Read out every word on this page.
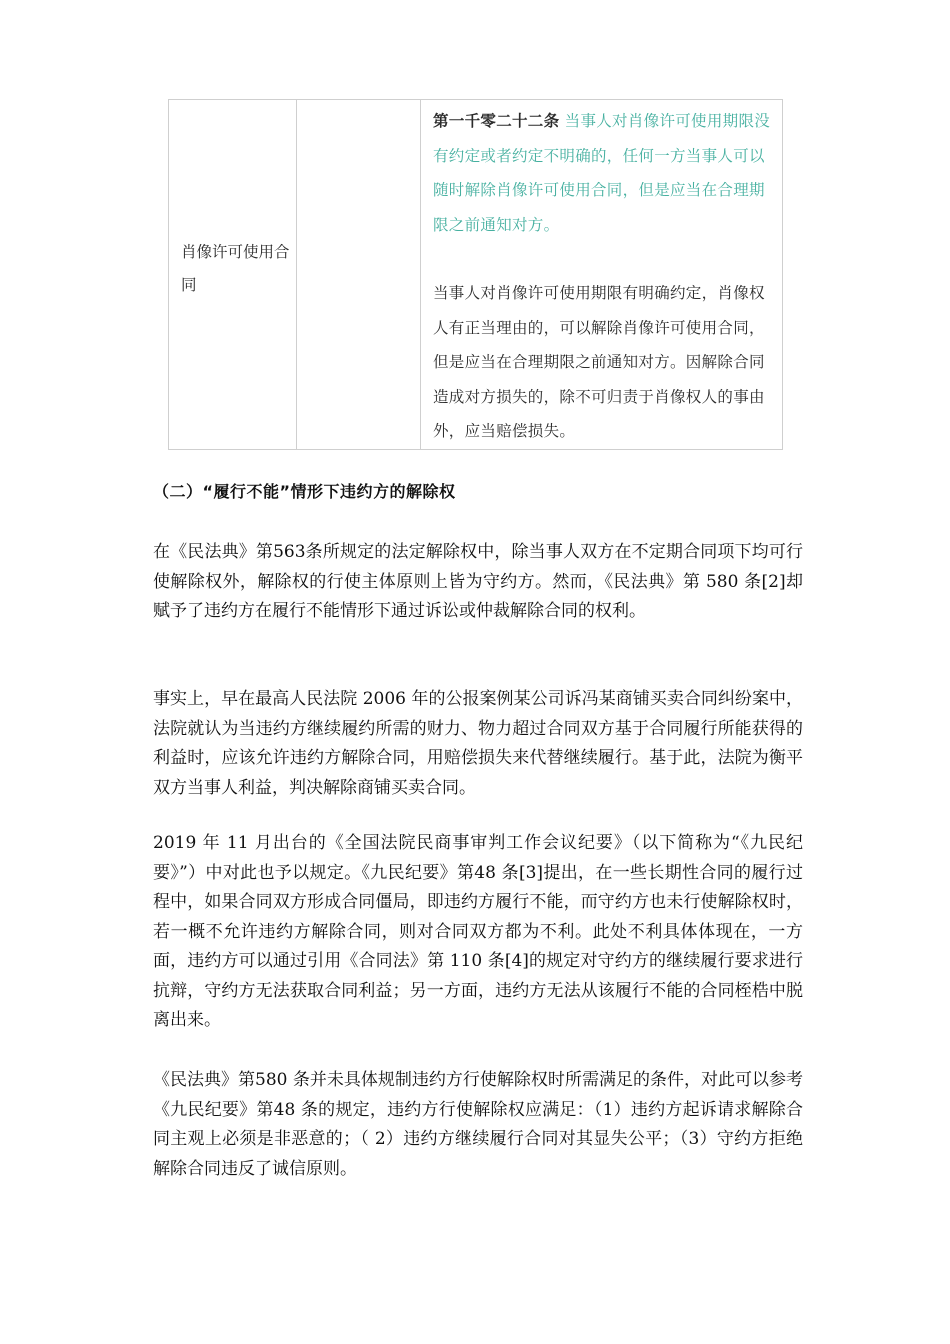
肖像许可使用合同

第一千零二十二条 当事人对肖像许可使用期限没有约定或者约定不明确的，任何一方当事人可以随时解除肖像许可使用合同，但是应当在合理期限之前通知对方。
当事人对肖像许可使用期限有明确约定，肖像权人有正当理由的，可以解除肖像许可使用合同，但是应当在合理期限之前通知对方。因解除合同造成对方损失的，除不可归责于肖像权人的事由外，应当赔偿损失。
（二）“履行不能”情形下违约方的解除权
在《民法典》第563条所规定的法定解除权中，除当事人双方在不定期合同项下均可行使解除权外，解除权的行使主体原则上皆为守约方。然而，《民法典》第 580 条[2]却赋予了违约方在履行不能情形下通过诉讼或仲裁解除合同的权利。
事实上，早在最高人民法院 2006 年的公报案例某公司诉冯某商铺买卖合同纠纷案中，法院就认为当违约方继续履约所需的财力、物力超过合同双方基于合同履行所能获得的利益时，应该允许违约方解除合同，用赔偿损失来代替继续履行。基于此，法院为衡平双方当事人利益，判决解除商铺买卖合同。
2019 年 11 月出台的《全国法院民商事审判工作会议纪要》（以下简称为“《九民纪要》”）中对此也予以规定。《九民纪要》第48 条[3]提出，在一些长期性合同的履行过程中，如果合同双方形成合同僵局，即违约方履行不能，而守约方也未行使解除权时，若一概不允许违约方解除合同，则对合同双方都为不利。此处不利具体体现在，一方面，违约方可以通过引用《合同法》第 110 条[4]的规定对守约方的继续履行要求进行抗辩，守约方无法获取合同利益；另一方面，违约方无法从该履行不能的合同桎梏中脱离出来。
《民法典》第580 条并未具体规制违约方行使解除权时所需满足的条件，对此可以参考《九民纪要》第48 条的规定，违约方行使解除权应满足：（1）违约方起诉请求解除合同主观上必须是非恶意的；（ 2）违约方继续履行合同对其显失公平；（3）守约方拒绝解除合同违反了诚信原则。
